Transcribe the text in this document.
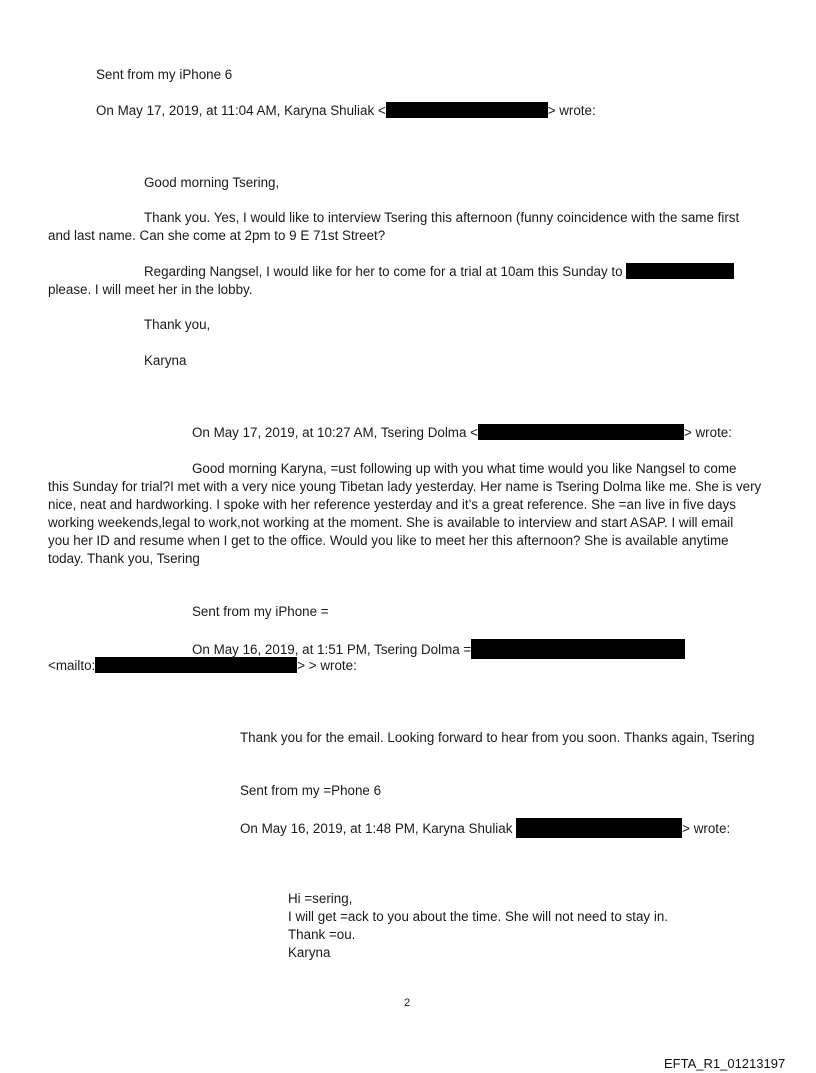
Sent from my iPhone 6
On May 17, 2019, at 11:04 AM, Karyna Shuliak <	> wrote:
Good morning Tsering,
Thank you. Yes, I would like to interview Tsering this afternoon (funny coincidence with the same first
and last name. Can she come at 2pm to 9 E 71st Street?
Regarding Nangsel, I would like for her to come for a trial at 10am this Sunday to
please. I will meet her in the lobby.
Thank you,
Karyna
On May 17, 2019, at 10:27 AM, Tsering Dolma <	> wrote:
Good morning Karyna, =ust following up with you what time would you like Nangsel to come
this Sunday for trial?I met with a very nice young Tibetan lady yesterday. Her name is Tsering Dolma like me. She is very
nice, neat and hardworking. I spoke with her reference yesterday and it’s a great reference. She =an live in five days
working weekends,legal to work,not working at the moment. She is available to interview and start ASAP. I will email
you her ID and resume when I get to the office. Would you like to meet her this afternoon? She is available anytime
today. Thank you, Tsering
Sent from my iPhone =
On May 16, 2019, at 1:51 PM, Tsering Dolma =
<mailto:	> > wrote:
Thank you for the email. Looking forward to hear from you soon. Thanks again, Tsering
Sent from my =Phone 6
On May 16, 2019, at 1:48 PM, Karyna Shuliak	> wrote:
Hi =sering,
I will get =ack to you about the time. She will not need to stay in.
Thank =ou.
Karyna
2
EFTA_R1_01213197
